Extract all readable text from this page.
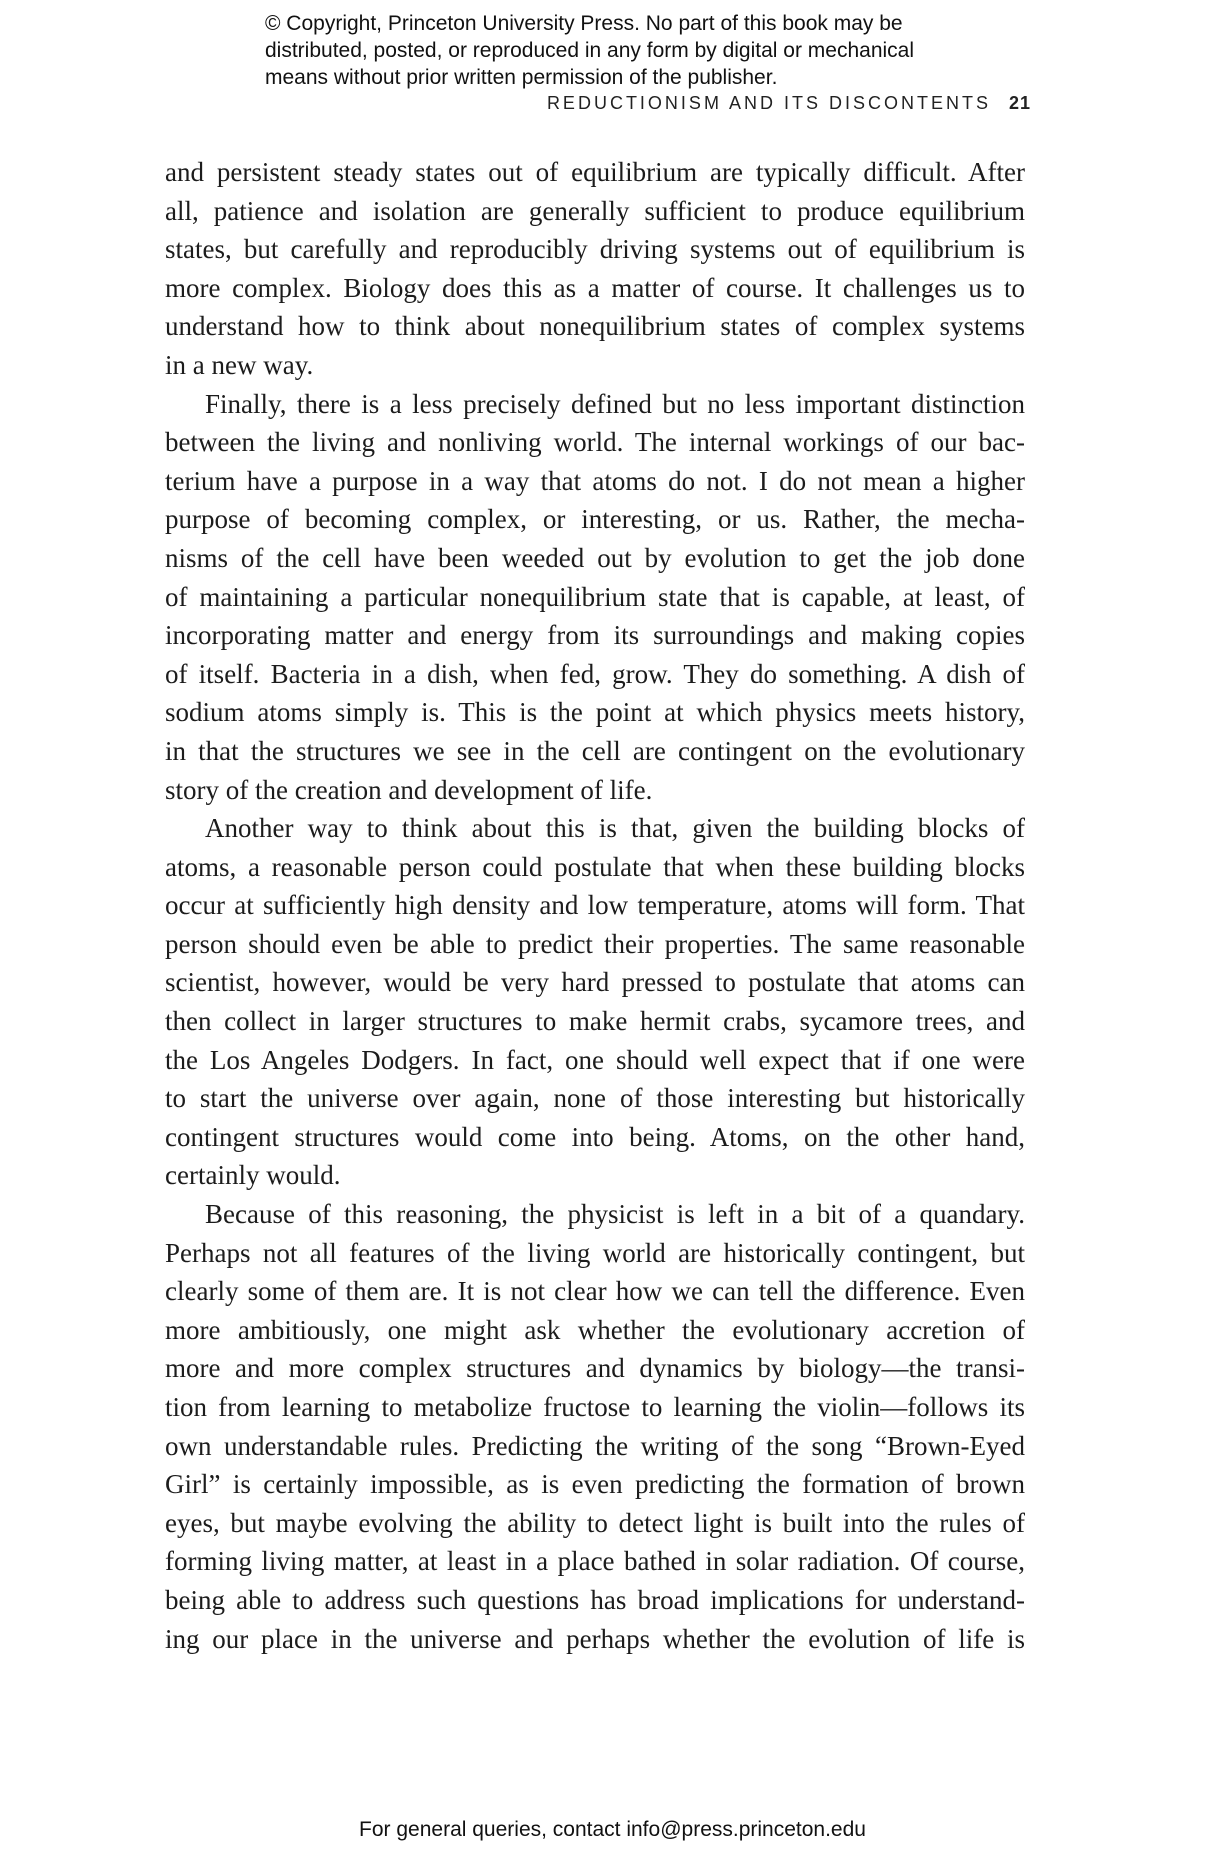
© Copyright, Princeton University Press. No part of this book may be
distributed, posted, or reproduced in any form by digital or mechanical
means without prior written permission of the publisher.
REDUCTIONISM AND ITS DISCONTENTS 21
and persistent steady states out of equilibrium are typically difficult. After
all, patience and isolation are generally sufficient to produce equilibrium
states, but carefully and reproducibly driving systems out of equilibrium is
more complex. Biology does this as a matter of course. It challenges us to
understand how to think about nonequilibrium states of complex systems
in a new way.
Finally, there is a less precisely defined but no less important distinction
between the living and nonliving world. The internal workings of our bac-
terium have a purpose in a way that atoms do not. I do not mean a higher
purpose of becoming complex, or interesting, or us. Rather, the mecha-
nisms of the cell have been weeded out by evolution to get the job done
of maintaining a particular nonequilibrium state that is capable, at least, of
incorporating matter and energy from its surroundings and making copies
of itself. Bacteria in a dish, when fed, grow. They do something. A dish of
sodium atoms simply is. This is the point at which physics meets history,
in that the structures we see in the cell are contingent on the evolutionary
story of the creation and development of life.
Another way to think about this is that, given the building blocks of
atoms, a reasonable person could postulate that when these building blocks
occur at sufficiently high density and low temperature, atoms will form. That
person should even be able to predict their properties. The same reasonable
scientist, however, would be very hard pressed to postulate that atoms can
then collect in larger structures to make hermit crabs, sycamore trees, and
the Los Angeles Dodgers. In fact, one should well expect that if one were
to start the universe over again, none of those interesting but historically
contingent structures would come into being. Atoms, on the other hand,
certainly would.
Because of this reasoning, the physicist is left in a bit of a quandary.
Perhaps not all features of the living world are historically contingent, but
clearly some of them are. It is not clear how we can tell the difference. Even
more ambitiously, one might ask whether the evolutionary accretion of
more and more complex structures and dynamics by biology—the transi-
tion from learning to metabolize fructose to learning the violin—follows its
own understandable rules. Predicting the writing of the song “Brown-Eyed
Girl” is certainly impossible, as is even predicting the formation of brown
eyes, but maybe evolving the ability to detect light is built into the rules of
forming living matter, at least in a place bathed in solar radiation. Of course,
being able to address such questions has broad implications for understand-
ing our place in the universe and perhaps whether the evolution of life is
For general queries, contact info@press.princeton.edu
